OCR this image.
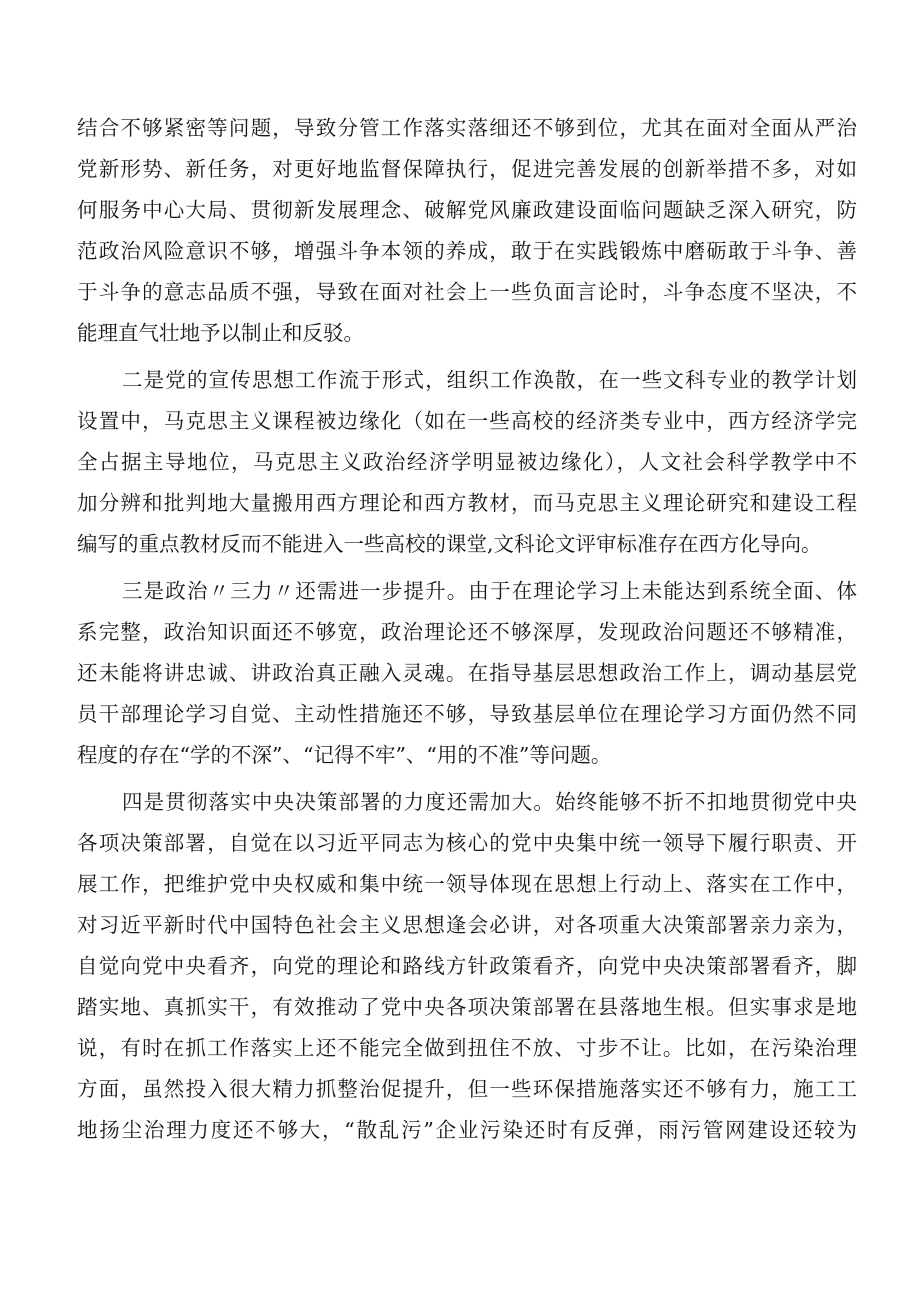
结合不够紧密等问题，导致分管工作落实落细还不够到位，尤其在面对全面从严治
党新形势、新任务，对更好地监督保障执行，促进完善发展的创新举措不多，对如
何服务中心大局、贯彻新发展理念、破解党风廉政建设面临问题缺乏深入研究，防
范政治风险意识不够，增强斗争本领的养成，敢于在实践锻炼中磨砺敢于斗争、善
于斗争的意志品质不强，导致在面对社会上一些负面言论时，斗争态度不坚决，不
能理直气壮地予以制止和反驳。
二是党的宣传思想工作流于形式，组织工作涣散，在一些文科专业的教学计划
设置中，马克思主义课程被边缘化（如在一些高校的经济类专业中，西方经济学完
全占据主导地位，马克思主义政治经济学明显被边缘化），人文社会科学教学中不
加分辨和批判地大量搬用西方理论和西方教材，而马克思主义理论研究和建设工程
编写的重点教材反而不能进入一些高校的课堂,文科论文评审标准存在西方化导向。
三是政治〃三力〃还需进一步提升。由于在理论学习上未能达到系统全面、体
系完整，政治知识面还不够宽，政治理论还不够深厚，发现政治问题还不够精准，
还未能将讲忠诚、讲政治真正融入灵魂。在指导基层思想政治工作上，调动基层党
员干部理论学习自觉、主动性措施还不够，导致基层单位在理论学习方面仍然不同
程度的存在“学的不深”、“记得不牢”、“用的不准”等问题。
四是贯彻落实中央决策部署的力度还需加大。始终能够不折不扣地贯彻党中央
各项决策部署，自觉在以习近平同志为核心的党中央集中统一领导下履行职责、开
展工作，把维护党中央权威和集中统一领导体现在思想上行动上、落实在工作中，
对习近平新时代中国特色社会主义思想逢会必讲，对各项重大决策部署亲力亲为，
自觉向党中央看齐，向党的理论和路线方针政策看齐，向党中央决策部署看齐，脚
踏实地、真抓实干，有效推动了党中央各项决策部署在县落地生根。但实事求是地
说，有时在抓工作落实上还不能完全做到扭住不放、寸步不让。比如，在污染治理
方面，虽然投入很大精力抓整治促提升，但一些环保措施落实还不够有力，施工工
地扬尘治理力度还不够大，“散乱污”企业污染还时有反弹，雨污管网建设还较为
